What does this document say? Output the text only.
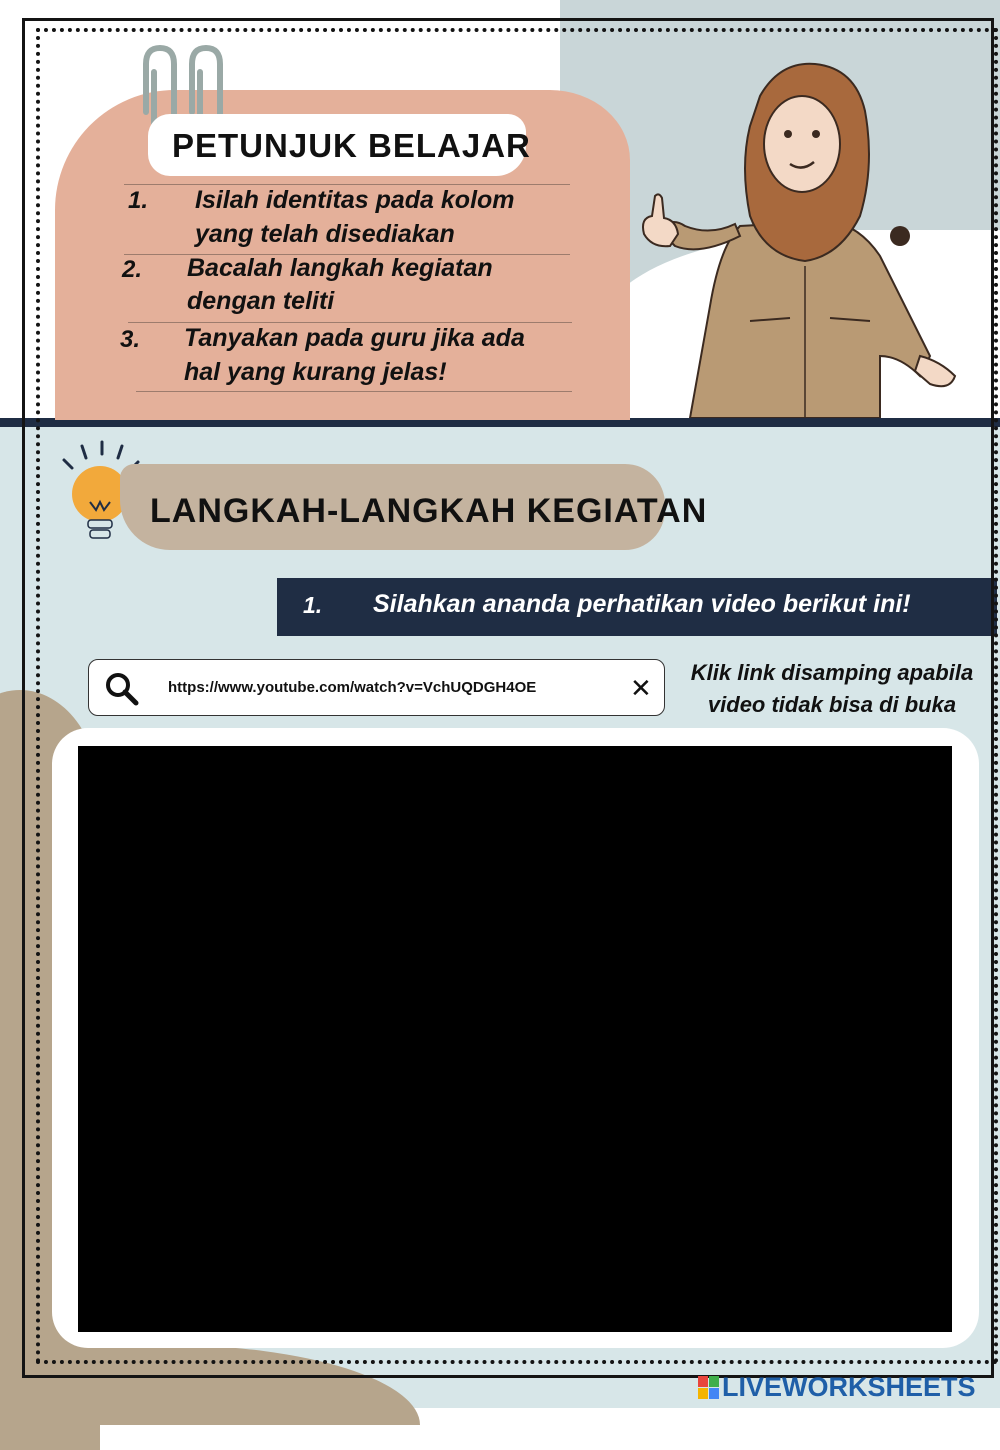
PETUNJUK BELAJAR
1. Isilah identitas pada kolom
yang telah disediakan
2. Bacalah langkah kegiatan
dengan teliti
3. Tanyakan pada guru jika ada
hal yang kurang jelas!
LANGKAH-LANGKAH KEGIATAN
1. Silahkan ananda perhatikan video berikut ini!
https://www.youtube.com/watch?v=VchUQDGH4OE	✕
Klik link disamping apabila
video tidak bisa di buka
LIVEWORKSHEETS
